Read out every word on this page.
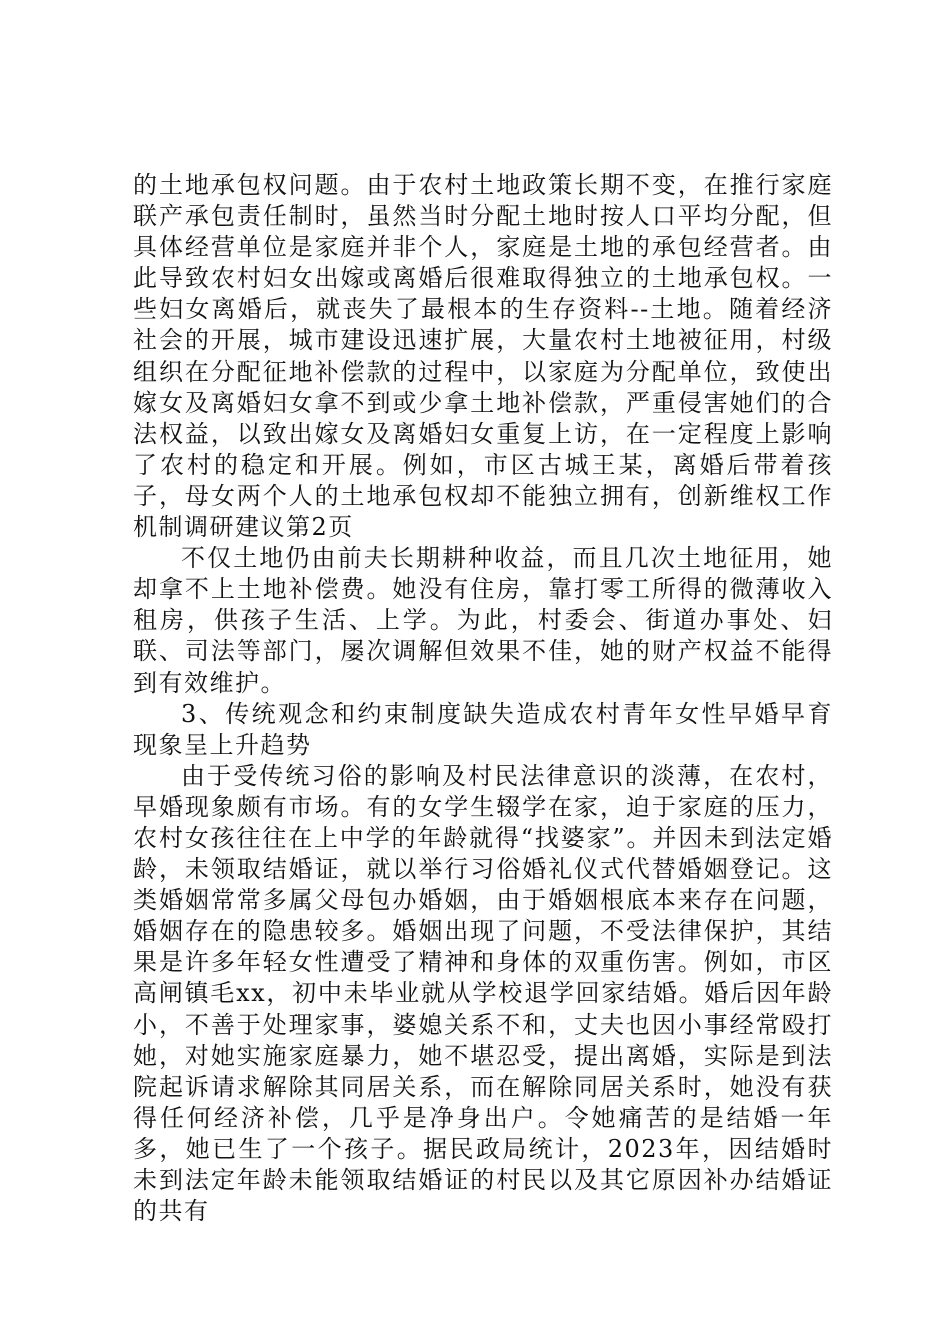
的土地承包权问题。由于农村土地政策长期不变，在推行家庭联产承包责任制时，虽然当时分配土地时按人口平均分配，但具体经营单位是家庭并非个人，家庭是土地的承包经营者。由此导致农村妇女出嫁或离婚后很难取得独立的土地承包权。一些妇女离婚后，就丧失了最根本的生存资料--土地。随着经济社会的开展，城市建设迅速扩展，大量农村土地被征用，村级组织在分配征地补偿款的过程中，以家庭为分配单位，致使出嫁女及离婚妇女拿不到或少拿土地补偿款，严重侵害她们的合法权益，以致出嫁女及离婚妇女重复上访，在一定程度上影响了农村的稳定和开展。例如，市区古城王某，离婚后带着孩子，母女两个人的土地承包权却不能独立拥有，创新维权工作机制调研建议第2页

不仅土地仍由前夫长期耕种收益，而且几次土地征用，她却拿不上土地补偿费。她没有住房，靠打零工所得的微薄收入租房，供孩子生活、上学。为此，村委会、街道办事处、妇联、司法等部门，屡次调解但效果不佳，她的财产权益不能得到有效维护。

3、传统观念和约束制度缺失造成农村青年女性早婚早育现象呈上升趋势

由于受传统习俗的影响及村民法律意识的淡薄，在农村，早婚现象颇有市场。有的女学生辍学在家，迫于家庭的压力，农村女孩往往在上中学的年龄就得“找婆家”。并因未到法定婚龄，未领取结婚证，就以举行习俗婚礼仪式代替婚姻登记。这类婚姻常常多属父母包办婚姻，由于婚姻根底本来存在问题，婚姻存在的隐患较多。婚姻出现了问题，不受法律保护，其结果是许多年轻女性遭受了精神和身体的双重伤害。例如，市区高闸镇毛xx，初中未毕业就从学校退学回家结婚。婚后因年龄小，不善于处理家事，婆媳关系不和，丈夫也因小事经常殴打她，对她实施家庭暴力，她不堪忍受，提出离婚，实际是到法院起诉请求解除其同居关系，而在解除同居关系时，她没有获得任何经济补偿，几乎是净身出户。令她痛苦的是结婚一年多，她已生了一个孩子。据民政局统计，2023年，因结婚时未到法定年龄未能领取结婚证的村民以及其它原因补办结婚证的共有
